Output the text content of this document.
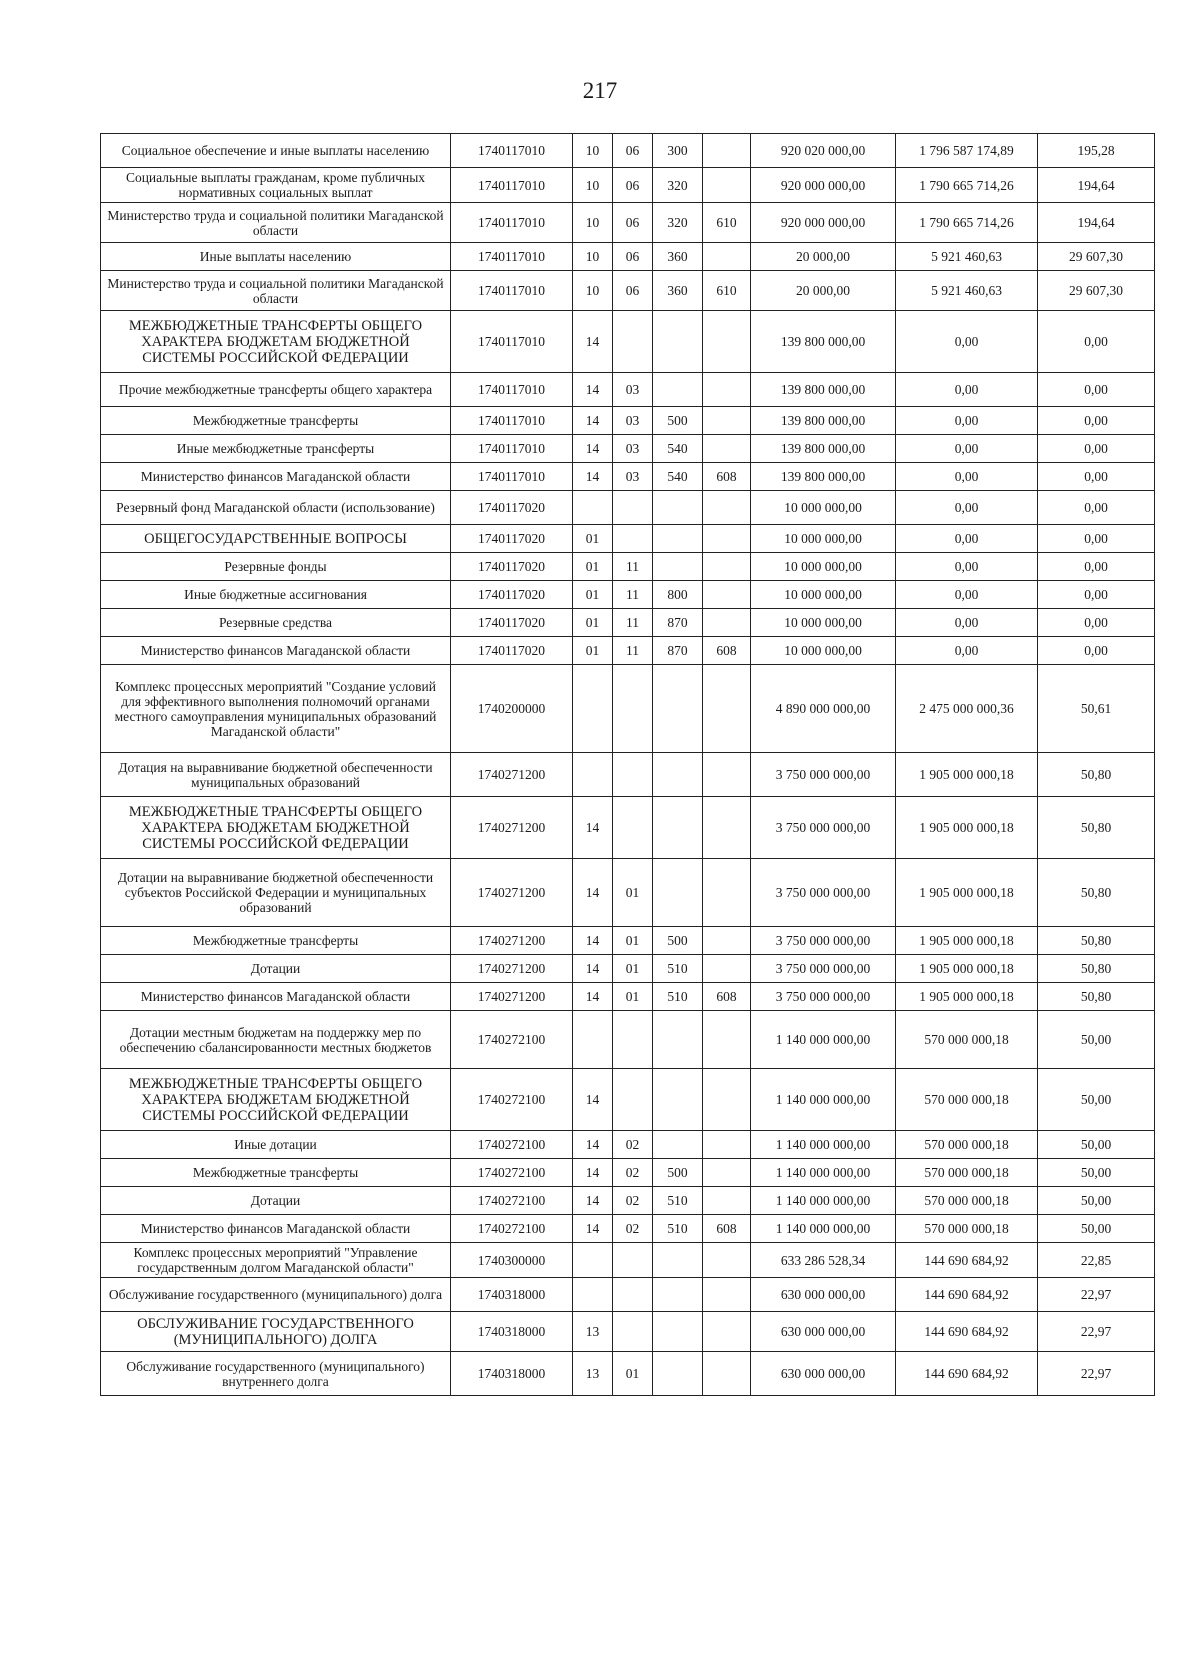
217
Социальное обеспечение и иные выплаты населению	1740117010	10	06	300		920 020 000,00	1 796 587 174,89	195,28
Социальные выплаты гражданам, кроме публичных нормативных социальных выплат	1740117010	10	06	320		920 000 000,00	1 790 665 714,26	194,64
Министерство труда и социальной политики Магаданской области	1740117010	10	06	320	610	920 000 000,00	1 790 665 714,26	194,64
Иные выплаты населению	1740117010	10	06	360		20 000,00	5 921 460,63	29 607,30
Министерство труда и социальной политики Магаданской области	1740117010	10	06	360	610	20 000,00	5 921 460,63	29 607,30
МЕЖБЮДЖЕТНЫЕ ТРАНСФЕРТЫ ОБЩЕГО ХАРАКТЕРА БЮДЖЕТАМ БЮДЖЕТНОЙ СИСТЕМЫ РОССИЙСКОЙ ФЕДЕРАЦИИ	1740117010	14				139 800 000,00	0,00	0,00
Прочие межбюджетные трансферты общего характера	1740117010	14	03			139 800 000,00	0,00	0,00
Межбюджетные трансферты	1740117010	14	03	500		139 800 000,00	0,00	0,00
Иные межбюджетные трансферты	1740117010	14	03	540		139 800 000,00	0,00	0,00
Министерство финансов Магаданской области	1740117010	14	03	540	608	139 800 000,00	0,00	0,00
Резервный фонд Магаданской области (использование)	1740117020					10 000 000,00	0,00	0,00
ОБЩЕГОСУДАРСТВЕННЫЕ ВОПРОСЫ	1740117020	01				10 000 000,00	0,00	0,00
Резервные фонды	1740117020	01	11			10 000 000,00	0,00	0,00
Иные бюджетные ассигнования	1740117020	01	11	800		10 000 000,00	0,00	0,00
Резервные средства	1740117020	01	11	870		10 000 000,00	0,00	0,00
Министерство финансов Магаданской области	1740117020	01	11	870	608	10 000 000,00	0,00	0,00
Комплекс процессных мероприятий "Создание условий для эффективного выполнения полномочий органами местного самоуправления муниципальных образований Магаданской области"	1740200000					4 890 000 000,00	2 475 000 000,36	50,61
Дотация на выравнивание бюджетной обеспеченности муниципальных образований	1740271200					3 750 000 000,00	1 905 000 000,18	50,80
МЕЖБЮДЖЕТНЫЕ ТРАНСФЕРТЫ ОБЩЕГО ХАРАКТЕРА БЮДЖЕТАМ БЮДЖЕТНОЙ СИСТЕМЫ РОССИЙСКОЙ ФЕДЕРАЦИИ	1740271200	14				3 750 000 000,00	1 905 000 000,18	50,80
Дотации на выравнивание бюджетной обеспеченности субъектов Российской Федерации и муниципальных образований	1740271200	14	01			3 750 000 000,00	1 905 000 000,18	50,80
Межбюджетные трансферты	1740271200	14	01	500		3 750 000 000,00	1 905 000 000,18	50,80
Дотации	1740271200	14	01	510		3 750 000 000,00	1 905 000 000,18	50,80
Министерство финансов Магаданской области	1740271200	14	01	510	608	3 750 000 000,00	1 905 000 000,18	50,80
Дотации местным бюджетам на поддержку мер по обеспечению сбалансированности местных бюджетов	1740272100					1 140 000 000,00	570 000 000,18	50,00
МЕЖБЮДЖЕТНЫЕ ТРАНСФЕРТЫ ОБЩЕГО ХАРАКТЕРА БЮДЖЕТАМ БЮДЖЕТНОЙ СИСТЕМЫ РОССИЙСКОЙ ФЕДЕРАЦИИ	1740272100	14				1 140 000 000,00	570 000 000,18	50,00
Иные дотации	1740272100	14	02			1 140 000 000,00	570 000 000,18	50,00
Межбюджетные трансферты	1740272100	14	02	500		1 140 000 000,00	570 000 000,18	50,00
Дотации	1740272100	14	02	510		1 140 000 000,00	570 000 000,18	50,00
Министерство финансов Магаданской области	1740272100	14	02	510	608	1 140 000 000,00	570 000 000,18	50,00
Комплекс процессных мероприятий "Управление государственным долгом Магаданской области"	1740300000					633 286 528,34	144 690 684,92	22,85
Обслуживание государственного (муниципального) долга	1740318000					630 000 000,00	144 690 684,92	22,97
ОБСЛУЖИВАНИЕ ГОСУДАРСТВЕННОГО (МУНИЦИПАЛЬНОГО) ДОЛГА	1740318000	13				630 000 000,00	144 690 684,92	22,97
Обслуживание государственного (муниципального) внутреннего долга	1740318000	13	01			630 000 000,00	144 690 684,92	22,97
